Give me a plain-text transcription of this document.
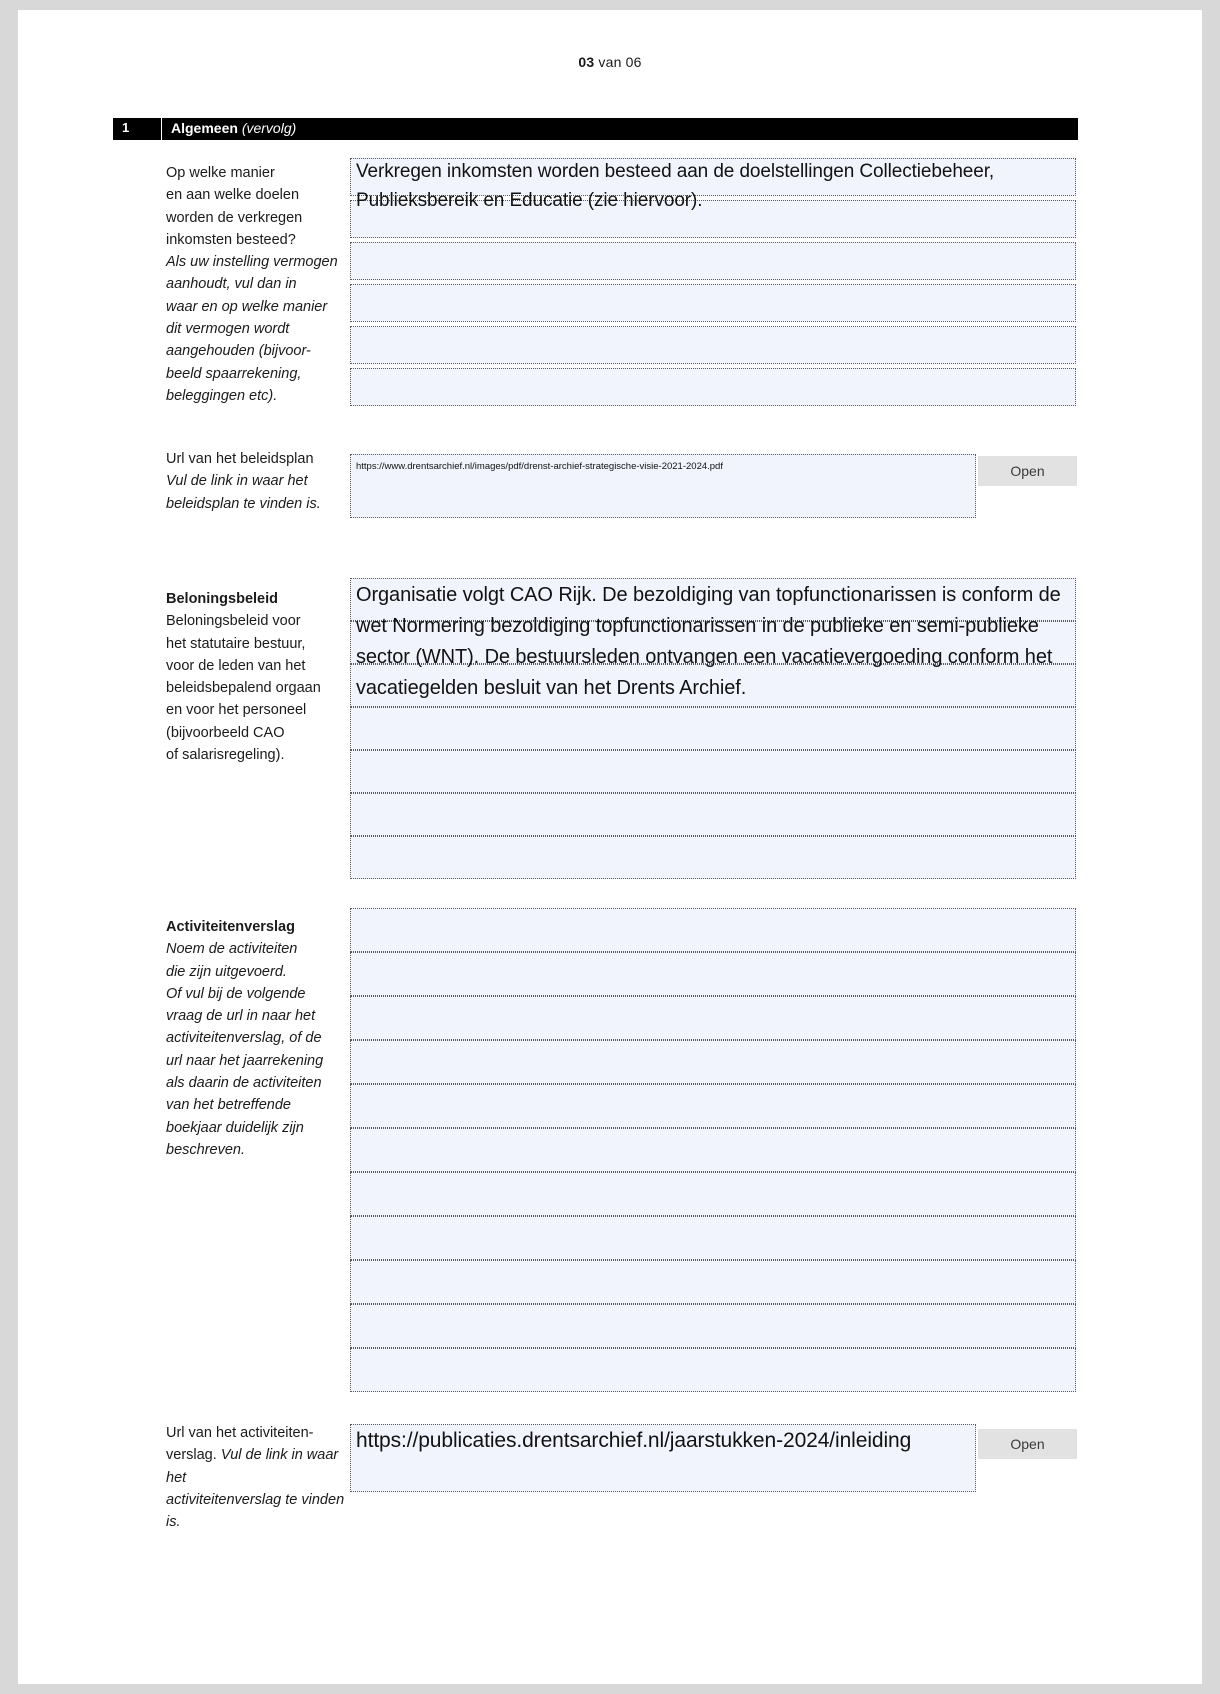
03 van 06
1	Algemeen (vervolg)
Op welke manier
en aan welke doelen
worden de verkregen
inkomsten besteed?
Als uw instelling vermogen
aanhoudt, vul dan in
waar en op welke manier
dit vermogen wordt
aangehouden (bijvoor-
beeld spaarrekening,
beleggingen etc).
Verkregen inkomsten worden besteed aan de doelstellingen Collectiebeheer, Publieksbereik en Educatie (zie hiervoor).
Url van het beleidsplan
Vul de link in waar het
beleidsplan te vinden is.
https://www.drentsarchief.nl/images/pdf/drenst-archief-strategische-visie-2021-2024.pdf	Open
Beloningsbeleid
Beloningsbeleid voor
het statutaire bestuur,
voor de leden van het
beleidsbepalend orgaan
en voor het personeel
(bijvoorbeeld CAO
of salarisregeling).
Organisatie volgt CAO Rijk. De bezoldiging van topfunctionarissen is conform de wet Normering bezoldiging topfunctionarissen in de publieke en semi-publieke sector (WNT). De bestuursleden ontvangen een vacatievergoeding conform het vacatiegelden besluit van het Drents Archief.
Activiteitenverslag
Noem de activiteiten
die zijn uitgevoerd.
Of vul bij de volgende
vraag de url in naar het
activiteitenverslag, of de
url naar het jaarrekening
als daarin de activiteiten
van het betreffende
boekjaar duidelijk zijn
beschreven.
Url van het activiteiten-
verslag. Vul de link in waar het
activiteitenverslag te vinden is.
https://publicaties.drentsarchief.nl/jaarstukken-2024/inleiding	Open
